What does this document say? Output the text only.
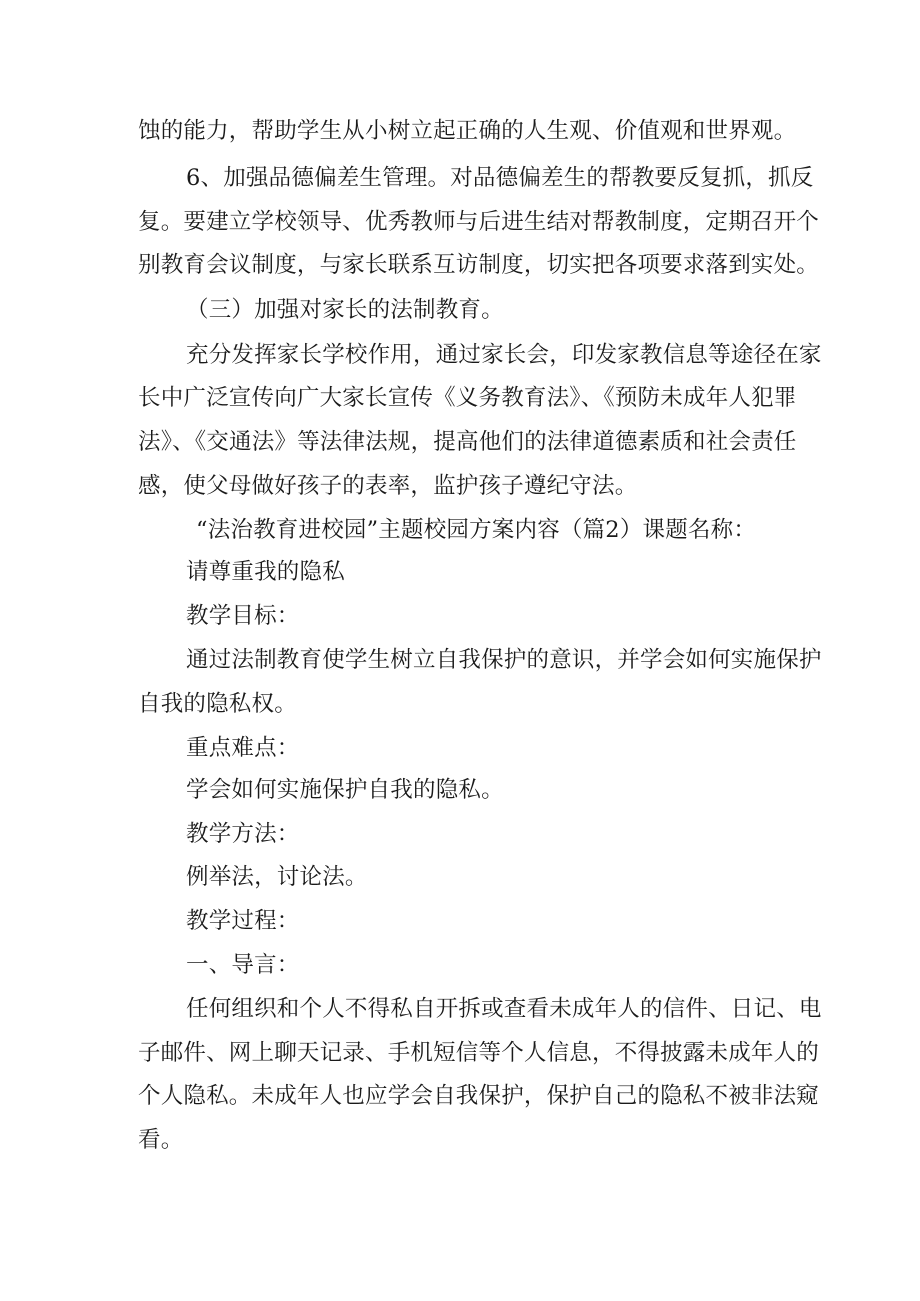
蚀的能力，帮助学生从小树立起正确的人生观、价值观和世界观。
6、加强品德偏差生管理。对品德偏差生的帮教要反复抓，抓反
复。要建立学校领导、优秀教师与后进生结对帮教制度，定期召开个
别教育会议制度，与家长联系互访制度，切实把各项要求落到实处。
（三）加强对家长的法制教育。
充分发挥家长学校作用，通过家长会，印发家教信息等途径在家
长中广泛宣传向广大家长宣传《义务教育法》、《预防未成年人犯罪
法》、《交通法》等法律法规，提高他们的法律道德素质和社会责任
感，使父母做好孩子的表率，监护孩子遵纪守法。
“法治教育进校园”主题校园方案内容（篇2）课题名称：
请尊重我的隐私
教学目标：
通过法制教育使学生树立自我保护的意识，并学会如何实施保护
自我的隐私权。
重点难点：
学会如何实施保护自我的隐私。
教学方法：
例举法，讨论法。
教学过程：
一、导言：
任何组织和个人不得私自开拆或查看未成年人的信件、日记、电
子邮件、网上聊天记录、手机短信等个人信息，不得披露未成年人的
个人隐私。未成年人也应学会自我保护，保护自己的隐私不被非法窥
看。
